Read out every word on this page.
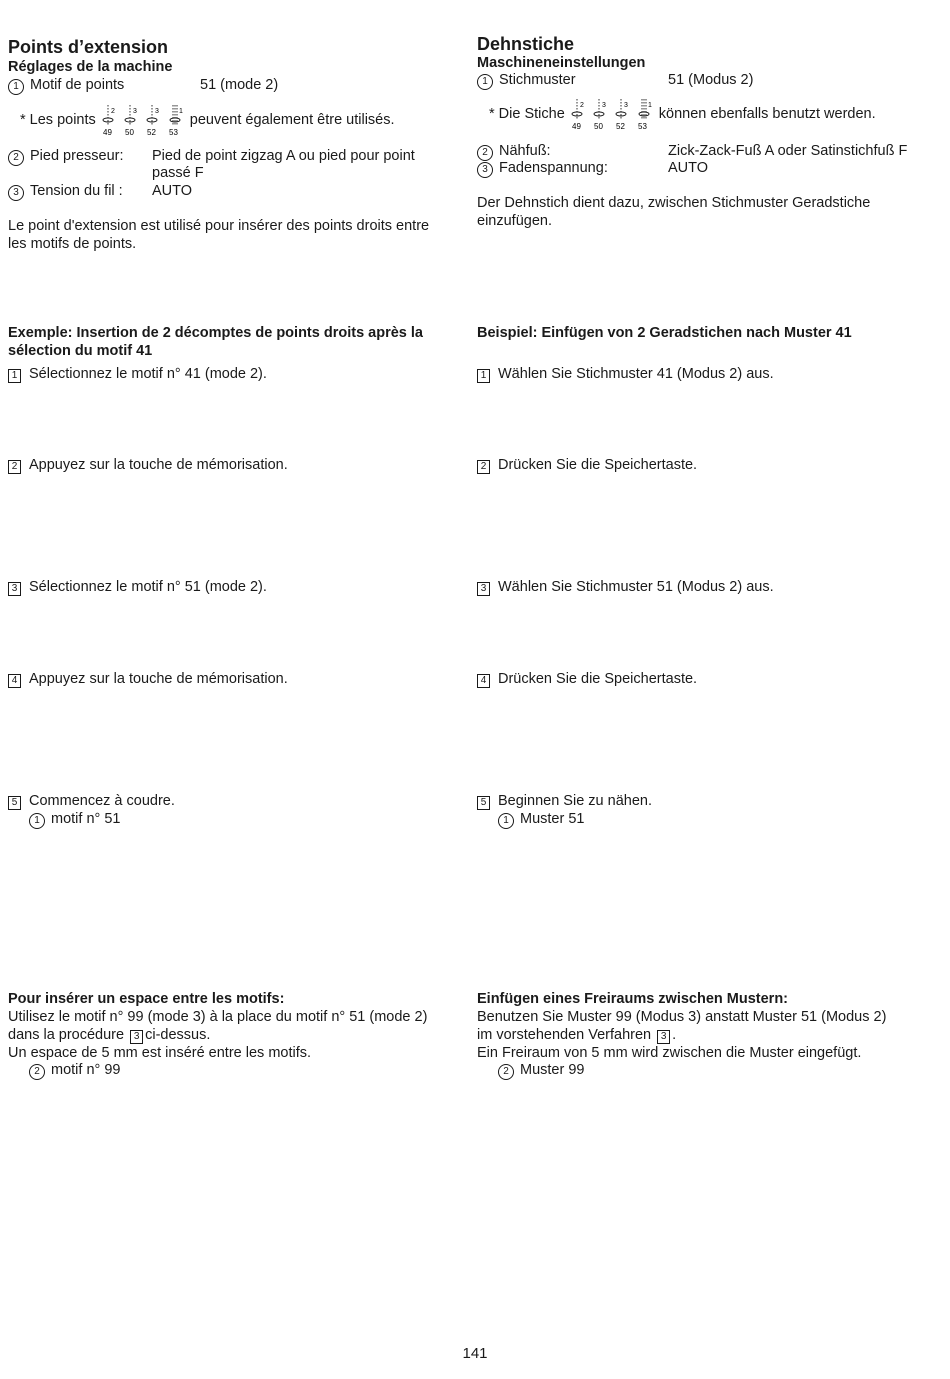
Points d’extension
Réglages de la machine
1 Motif de points	51 (mode 2)
* Les points
2
49
3
50
3
52
1
53
peuvent également être utilisés.
2 Pied presseur: Pied de point zigzag A ou pied pour point
passé F
3 Tension du fil : AUTO
Le point d'extension est utilisé pour insérer des points droits entre
les motifs de points.
Exemple: Insertion de 2 décomptes de points droits après la
sélection du motif 41
1 Sélectionnez le motif n° 41 (mode 2).
2 Appuyez sur la touche de mémorisation.
3 Sélectionnez le motif n° 51 (mode 2).
4 Appuyez sur la touche de mémorisation.
5 Commencez à coudre.
1 motif n° 51
Pour insérer un espace entre les motifs:
Utilisez le motif n° 99 (mode 3) à la place du motif n° 51 (mode 2)
dans la procédure 3 ci-dessus.
Un espace de 5 mm est inséré entre les motifs.
2 motif n° 99
Dehnstiche
Maschineneinstellungen
1 Stichmuster	51 (Modus 2)
* Die Stiche
2
49
3
50
3
52
1
53
können ebenfalls benutzt werden.
2 Nähfuß:	Zick-Zack-Fuß A oder Satinstichfuß F
3 Fadenspannung:	AUTO
Der Dehnstich dient dazu, zwischen Stichmuster Geradstiche
einzufügen.
Beispiel: Einfügen von 2 Geradstichen nach Muster 41
1 Wählen Sie Stichmuster 41 (Modus 2) aus.
2 Drücken Sie die Speichertaste.
3 Wählen Sie Stichmuster 51 (Modus 2) aus.
4 Drücken Sie die Speichertaste.
5 Beginnen Sie zu nähen.
1 Muster 51
Einfügen eines Freiraums zwischen Mustern:
Benutzen Sie Muster 99 (Modus 3) anstatt Muster 51 (Modus 2)
im vorstehenden Verfahren 3 .
Ein Freiraum von 5 mm wird zwischen die Muster eingefügt.
2 Muster 99
141
